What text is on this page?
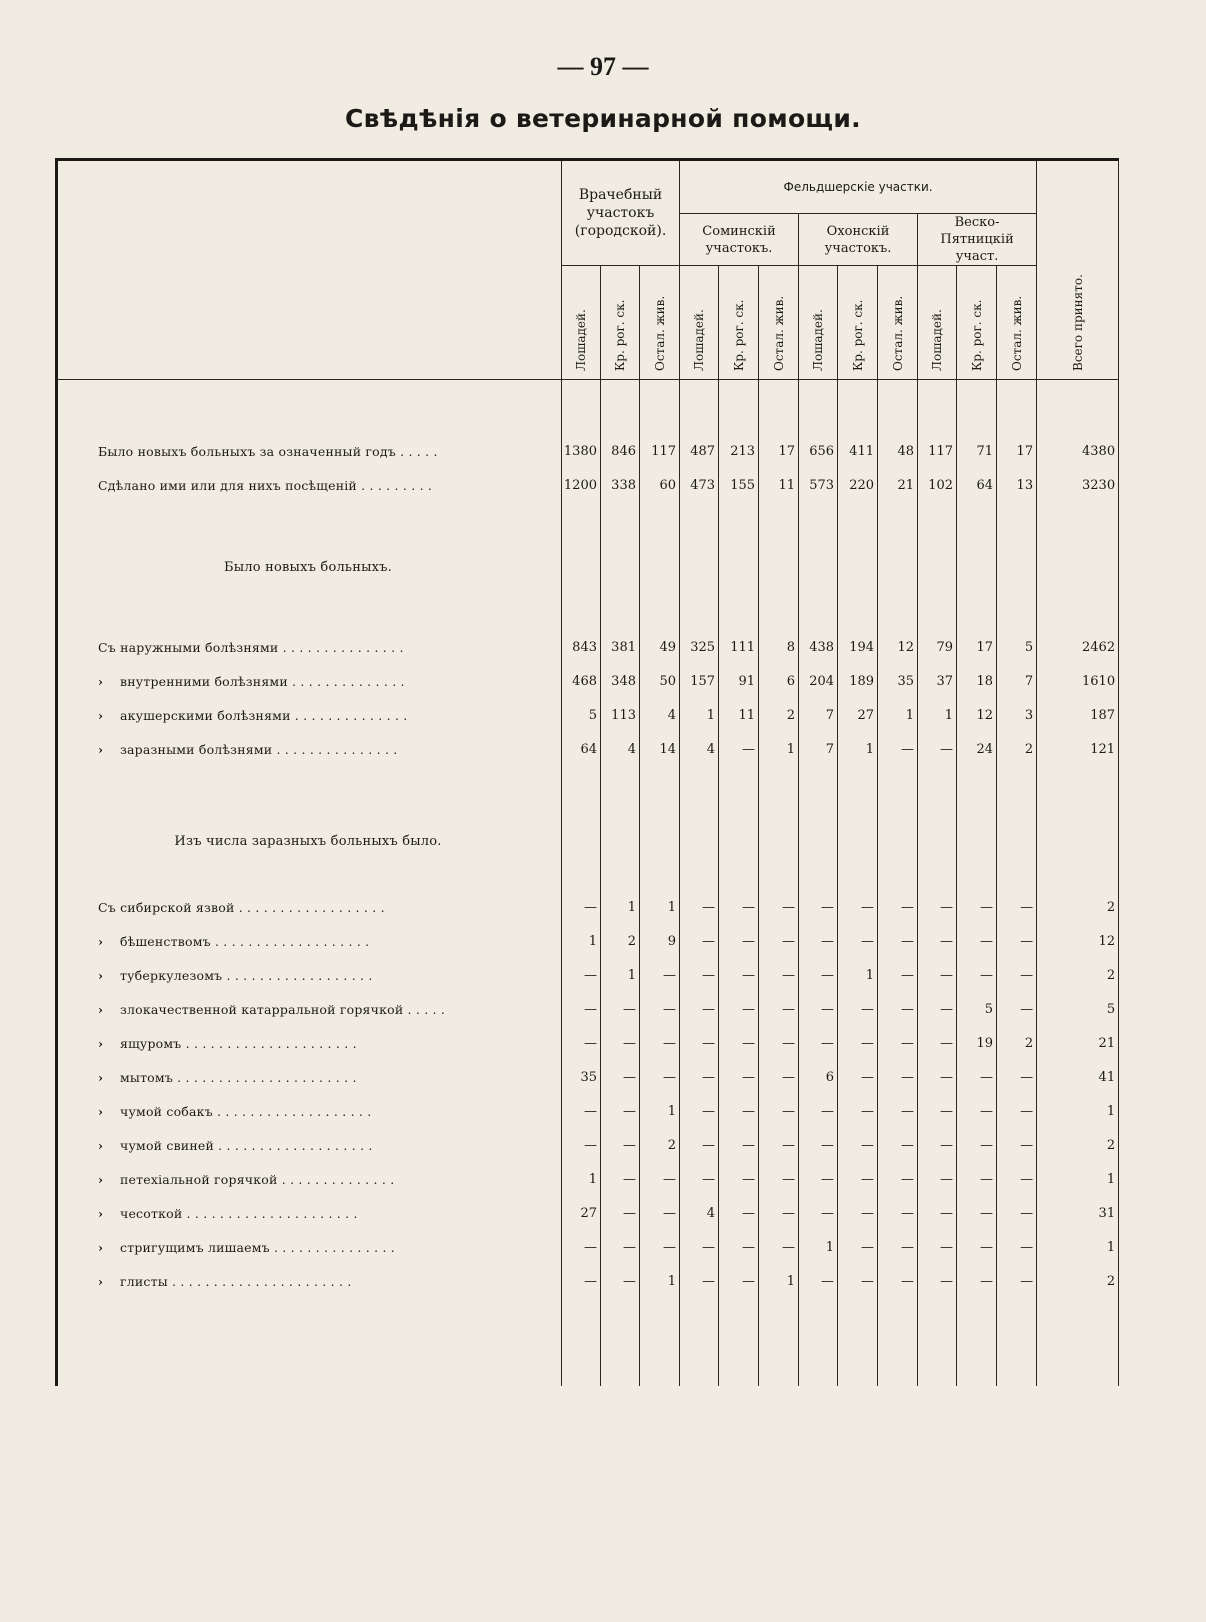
— 97 —
Свѣдѣнія о ветеринарной помощи.
	Врачебный участокъ (городской).			Фельдшерскіе участки.									Всего принято.
				Соминскій участокъ.			Охонскій участокъ.			Веско-Пятницкій участ.			
	Лошадей.	Кр. рог. ск.	Остал. жив.	Лошадей.	Кр. рог. ск.	Остал. жив.	Лошадей.	Кр. рог. ск.	Остал. жив.	Лошадей.	Кр. рог. ск.	Остал. жив.	

Было новыхъ больныхъ за означенный годъ . . . . .	1380	846	117	487	213	17	656	411	48	117	71	17	4380
Сдѣлано ими или для нихъ посѣщеній . . . . . . . . .	1200	338	60	473	155	11	573	220	21	102	64	13	3230

Было новыхъ больныхъ.													

Съ наружными болѣзнями . . . . . . . . . . . . . . .	843	381	49	325	111	8	438	194	12	79	17	5	2462
› внутренними болѣзнями . . . . . . . . . . . . . .	468	348	50	157	91	6	204	189	35	37	18	7	1610
› акушерскими болѣзнями . . . . . . . . . . . . . .	5	113	4	1	11	2	7	27	1	1	12	3	187
› заразными болѣзнями . . . . . . . . . . . . . . .	64	4	14	4	—	1	7	1	—	—	24	2	121

Изъ числа заразныхъ больныхъ было.													

Съ сибирской язвой . . . . . . . . . . . . . . . . . .	—	1	1	—	—	—	—	—	—	—	—	—	2
› бѣшенствомъ . . . . . . . . . . . . . . . . . . .	1	2	9	—	—	—	—	—	—	—	—	—	12
› туберкулезомъ . . . . . . . . . . . . . . . . . .	—	1	—	—	—	—	—	1	—	—	—	—	2
› злокачественной катарральной горячкой . . . . .	—	—	—	—	—	—	—	—	—	—	5	—	5
› ящуромъ . . . . . . . . . . . . . . . . . . . . .	—	—	—	—	—	—	—	—	—	—	19	2	21
› мытомъ . . . . . . . . . . . . . . . . . . . . . .	35	—	—	—	—	—	6	—	—	—	—	—	41
› чумой собакъ . . . . . . . . . . . . . . . . . . .	—	—	1	—	—	—	—	—	—	—	—	—	1
› чумой свиней . . . . . . . . . . . . . . . . . . .	—	—	2	—	—	—	—	—	—	—	—	—	2
› петехіальной горячкой . . . . . . . . . . . . . .	1	—	—	—	—	—	—	—	—	—	—	—	1
› чесоткой . . . . . . . . . . . . . . . . . . . . .	27	—	—	4	—	—	—	—	—	—	—	—	31
› стригущимъ лишаемъ . . . . . . . . . . . . . . .	—	—	—	—	—	—	1	—	—	—	—	—	1
› глисты . . . . . . . . . . . . . . . . . . . . . .	—	—	1	—	—	1	—	—	—	—	—	—	2
